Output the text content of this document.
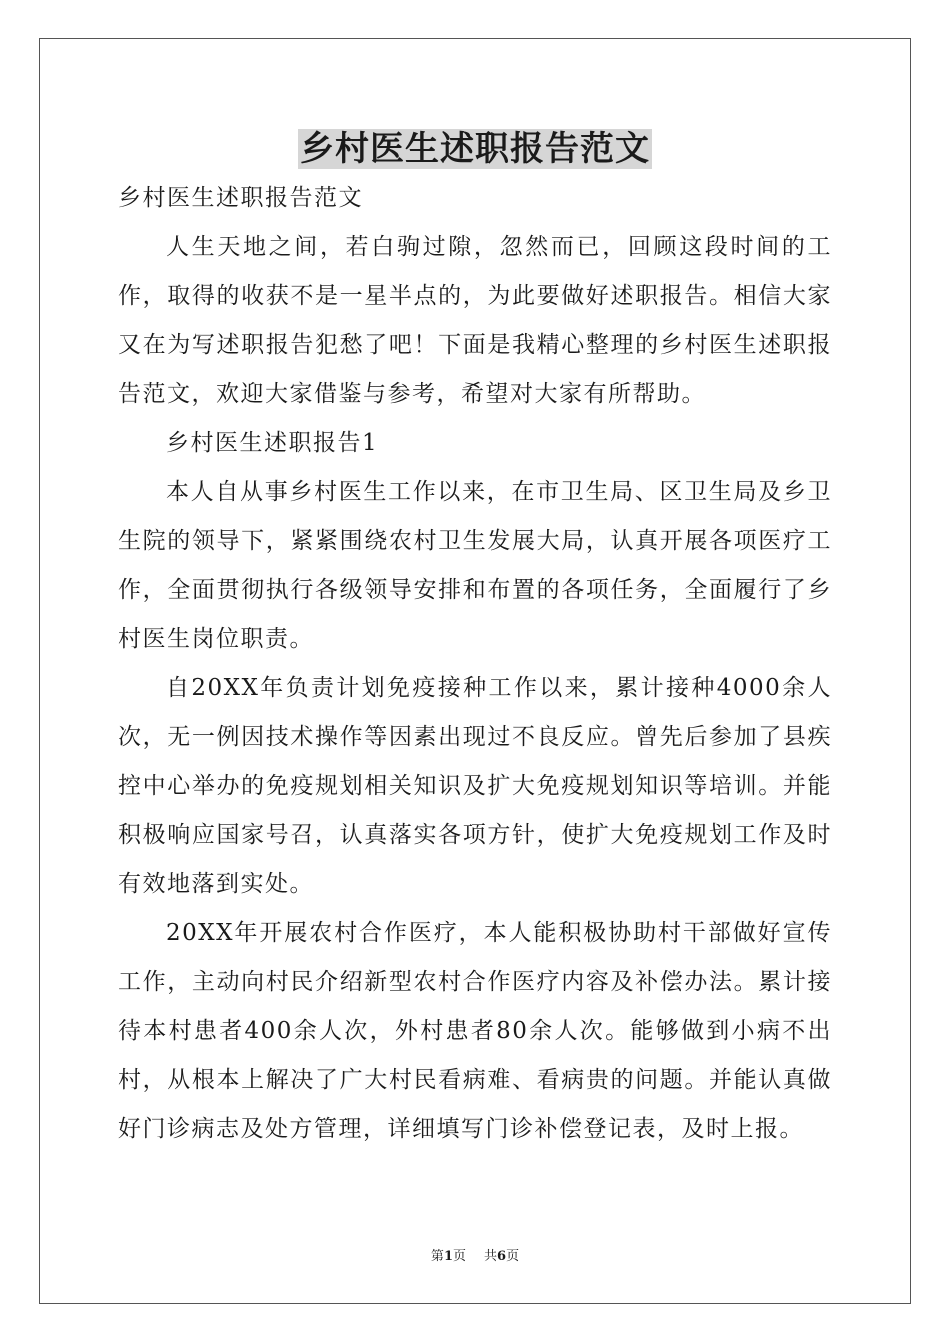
乡村医生述职报告范文

乡村医生述职报告范文

人生天地之间，若白驹过隙，忽然而已，回顾这段时间的工作，取得的收获不是一星半点的，为此要做好述职报告。相信大家又在为写述职报告犯愁了吧！下面是我精心整理的乡村医生述职报告范文，欢迎大家借鉴与参考，希望对大家有所帮助。

乡村医生述职报告1

本人自从事乡村医生工作以来，在市卫生局、区卫生局及乡卫生院的领导下，紧紧围绕农村卫生发展大局，认真开展各项医疗工作，全面贯彻执行各级领导安排和布置的各项任务，全面履行了乡村医生岗位职责。

自20XX年负责计划免疫接种工作以来，累计接种4000余人次，无一例因技术操作等因素出现过不良反应。曾先后参加了县疾控中心举办的免疫规划相关知识及扩大免疫规划知识等培训。并能积极响应国家号召，认真落实各项方针，使扩大免疫规划工作及时有效地落到实处。

20XX年开展农村合作医疗，本人能积极协助村干部做好宣传工作，主动向村民介绍新型农村合作医疗内容及补偿办法。累计接待本村患者400余人次，外村患者80余人次。能够做到小病不出村，从根本上解决了广大村民看病难、看病贵的问题。并能认真做好门诊病志及处方管理，详细填写门诊补偿登记表，及时上报。

第1页 共6页
